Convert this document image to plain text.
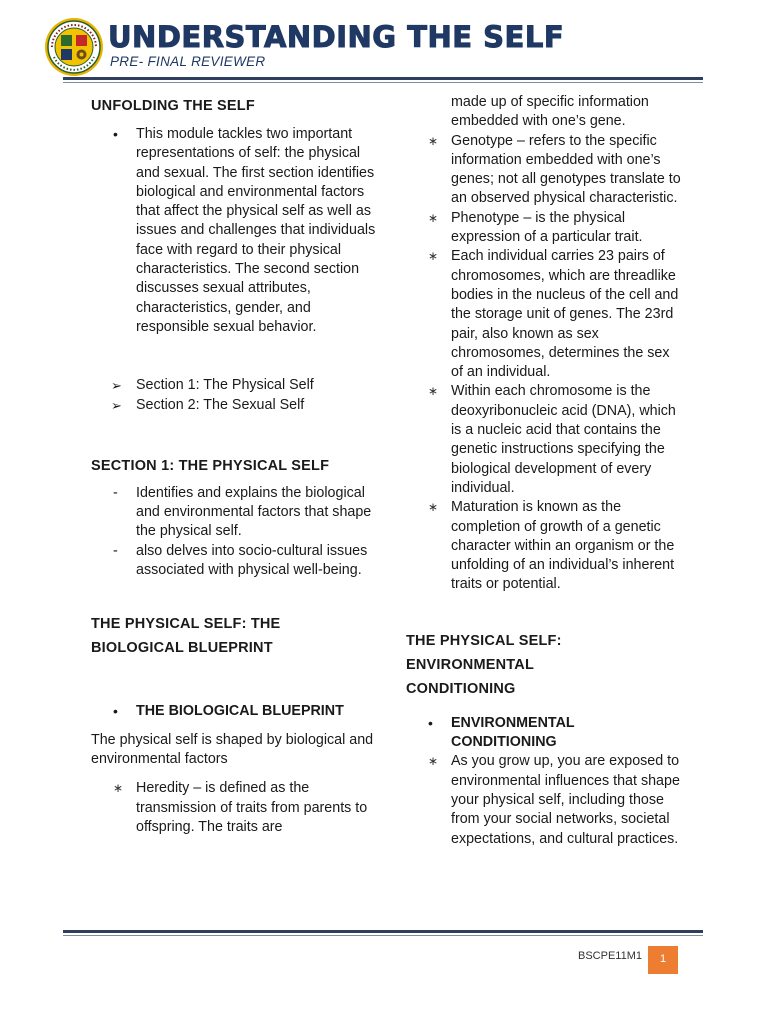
UNDERSTANDING THE SELF
PRE- FINAL REVIEWER

UNFOLDING THE SELF

•	This module tackles two important representations of self: the physical and sexual. The first section identifies biological and environmental factors that affect the physical self as well as issues and challenges that individuals face with regard to their physical characteristics. The second section discusses sexual attributes, characteristics, gender, and responsible sexual behavior.
➢ Section 1: The Physical Self
➢ Section 2: The Sexual Self

SECTION 1: THE PHYSICAL SELF

-	Identifies and explains the biological and environmental factors that shape the physical self.
-	also delves into socio-cultural issues associated with physical well-being.

THE PHYSICAL SELF: THE

BIOLOGICAL BLUEPRINT

•	THE BIOLOGICAL BLUEPRINT

The physical self is shaped by biological and environmental factors

∗ Heredity – is defined as the transmission of traits from parents to offspring. The traits are

made up of specific information embedded with one’s gene.

∗ Genotype – refers to the specific information embedded with one’s genes; not all genotypes translate to an observed physical characteristic.
∗ Phenotype – is the physical expression of a particular trait.
∗ Each individual carries 23 pairs of chromosomes, which are threadlike bodies in the nucleus of the cell and the storage unit of genes. The 23rd pair, also known as sex chromosomes, determines the sex of an individual.
∗ Within each chromosome is the deoxyribonucleic acid (DNA), which is a nucleic acid that contains the genetic instructions specifying the biological development of every individual.
∗ Maturation is known as the completion of growth of a genetic character within an organism or the unfolding of an individual’s inherent traits or potential.

THE PHYSICAL SELF:

ENVIRONMENTAL

CONDITIONING

•	ENVIRONMENTAL
CONDITIONING
∗ As you grow up, you are exposed to environmental influences that shape your physical self, including those from your social networks, societal expectations, and cultural practices.
BSCPE11M1	1
